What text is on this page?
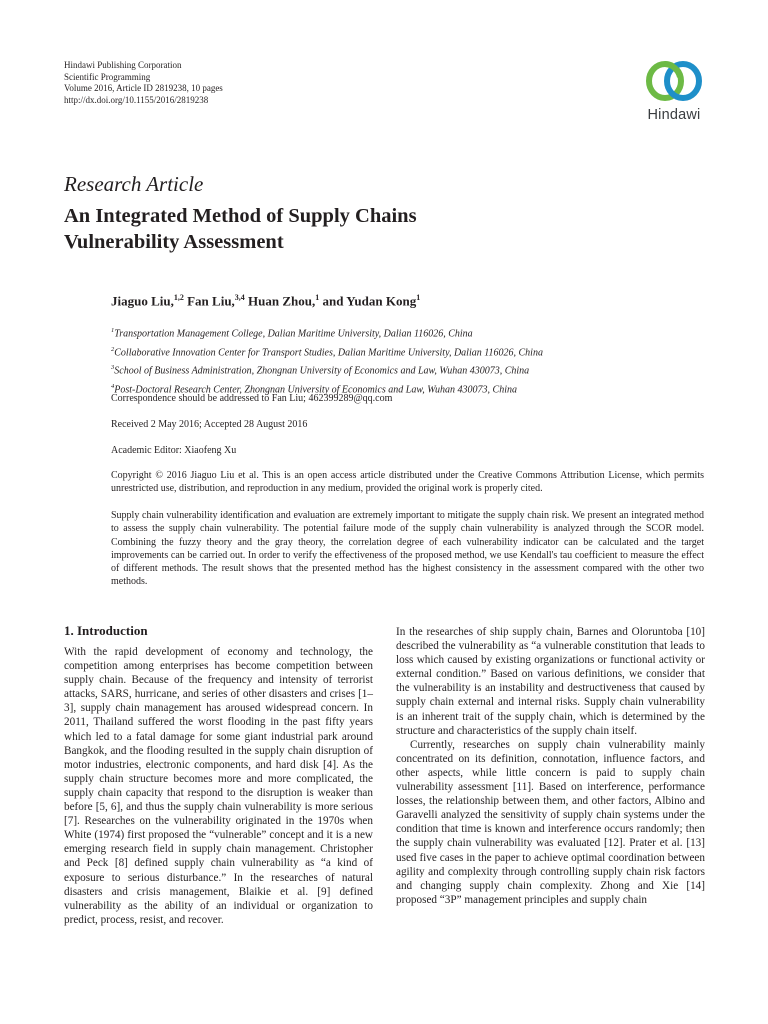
Hindawi Publishing Corporation
Scientific Programming
Volume 2016, Article ID 2819238, 10 pages
http://dx.doi.org/10.1155/2016/2819238
Hindawi
Research Article
An Integrated Method of Supply Chains
Vulnerability Assessment
Jiaguo Liu,$^{1,2}$ Fan Liu,$^{3,4}$ Huan Zhou,$^1$ and Yudan Kong$^1$
$^1$Transportation Management College, Dalian Maritime University, Dalian 116026, China
$^2$Collaborative Innovation Center for Transport Studies, Dalian Maritime University, Dalian 116026, China
$^3$School of Business Administration, Zhongnan University of Economics and Law, Wuhan 430073, China
$^4$Post-Doctoral Research Center, Zhongnan University of Economics and Law, Wuhan 430073, China
Correspondence should be addressed to Fan Liu; 462399289@qq.com
Received 2 May 2016; Accepted 28 August 2016
Academic Editor: Xiaofeng Xu
Copyright © 2016 Jiaguo Liu et al. This is an open access article distributed under the Creative Commons Attribution License, which permits unrestricted use, distribution, and reproduction in any medium, provided the original work is properly cited.
Supply chain vulnerability identification and evaluation are extremely important to mitigate the supply chain risk. We present an integrated method to assess the supply chain vulnerability. The potential failure mode of the supply chain vulnerability is analyzed through the SCOR model. Combining the fuzzy theory and the gray theory, the correlation degree of each vulnerability indicator can be calculated and the target improvements can be carried out. In order to verify the effectiveness of the proposed method, we use Kendall's tau coefficient to measure the effect of different methods. The result shows that the presented method has the highest consistency in the assessment compared with the other two methods.
1. Introduction

With the rapid development of economy and technology, the competition among enterprises has become competition between supply chain. Because of the frequency and intensity of terrorist attacks, SARS, hurricane, and series of other disasters and crises [1–3], supply chain management has aroused widespread concern. In 2011, Thailand suffered the worst flooding in the past fifty years which led to a fatal damage for some giant industrial park around Bangkok, and the flooding resulted in the supply chain disruption of motor industries, electronic components, and hard disk [4]. As the supply chain structure becomes more and more complicated, the supply chain capacity that respond to the disruption is weaker than before [5, 6], and thus the supply chain vulnerability is more serious [7]. Researches on the vulnerability originated in the 1970s when White (1974) first proposed the “vulnerable” concept and it is a new emerging research field in supply chain management. Christopher and Peck [8] defined supply chain vulnerability as “a kind of exposure to serious disturbance.” In the researches of natural disasters and crisis management, Blaikie et al. [9] defined vulnerability as the ability of an individual or organization to predict, process, resist, and recover.

In the researches of ship supply chain, Barnes and Oloruntoba [10] described the vulnerability as “a vulnerable constitution that leads to loss which caused by existing organizations or functional activity or external condition.” Based on various definitions, we consider that the vulnerability is an instability and destructiveness that caused by supply chain external and internal risks. Supply chain vulnerability is an inherent trait of the supply chain, which is determined by the structure and characteristics of the supply chain itself.

Currently, researches on supply chain vulnerability mainly concentrated on its definition, connotation, influence factors, and other aspects, while little concern is paid to supply chain vulnerability assessment [11]. Based on interference, performance losses, the relationship between them, and other factors, Albino and Garavelli analyzed the sensitivity of supply chain systems under the condition that time is known and interference occurs randomly; then the supply chain vulnerability was evaluated [12]. Prater et al. [13] used five cases in the paper to achieve optimal coordination between agility and complexity through controlling supply chain risk factors and changing supply chain complexity. Zhong and Xie [14] proposed “3P” management principles and supply chain
